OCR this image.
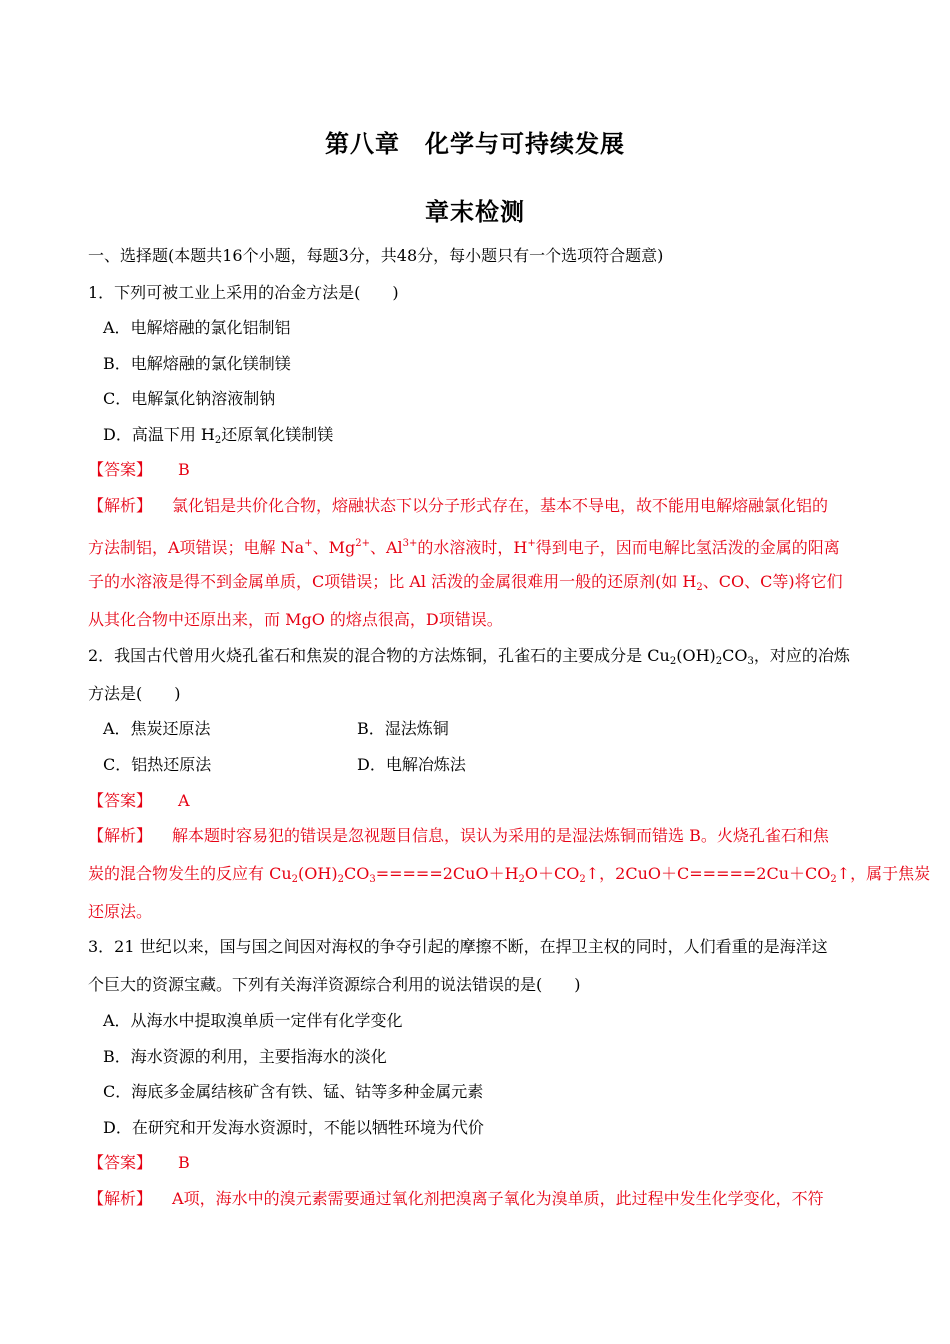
第八章　化学与可持续发展
章末检测
一、选择题(本题共16个小题，每题3分，共48分，每小题只有一个选项符合题意)
1．下列可被工业上采用的冶金方法是(　　)
A．电解熔融的氯化铝制铝
B．电解熔融的氯化镁制镁
C．电解氯化钠溶液制钠
D．高温下用 $H_2$还原氧化镁制镁
【答案】 B
【解析】 氯化铝是共价化合物，熔融状态下以分子形式存在，基本不导电，故不能用电解熔融氯化铝的
方法制铝，A项错误；电解 Na+、$Mg^{2+}$、$Al^{3+}$的水溶液时，H+得到电子，因而电解比氢活泼的金属的阳离
子的水溶液是得不到金属单质，C项错误；比 Al 活泼的金属很难用一般的还原剂(如 $H_2$、CO、C等)将它们
从其化合物中还原出来，而 MgO 的熔点很高，D项错误。
2．我国古代曾用火烧孔雀石和焦炭的混合物的方法炼铜，孔雀石的主要成分是 $Cu_2(OH)_2CO_3$，对应的冶炼
方法是(　　)
A．焦炭还原法	B．湿法炼铜
C．铝热还原法	D．电解冶炼法
【答案】 A
【解析】 解本题时容易犯的错误是忽视题目信息，误认为采用的是湿法炼铜而错选 B。火烧孔雀石和焦
炭的混合物发生的反应有 $Cu_2(OH)_2CO_3=====2CuO+H_2O+CO_2↑$，$2CuO+C=====2Cu+CO_2↑$，属于焦炭
还原法。
3．21 世纪以来，国与国之间因对海权的争夺引起的摩擦不断，在捍卫主权的同时，人们看重的是海洋这
个巨大的资源宝藏。下列有关海洋资源综合利用的说法错误的是(　　)
A．从海水中提取溴单质一定伴有化学变化
B．海水资源的利用，主要指海水的淡化
C．海底多金属结核矿含有铁、锰、钴等多种金属元素
D．在研究和开发海水资源时，不能以牺牲环境为代价
【答案】 B
【解析】 A项，海水中的溴元素需要通过氧化剂把溴离子氧化为溴单质，此过程中发生化学变化，不符
